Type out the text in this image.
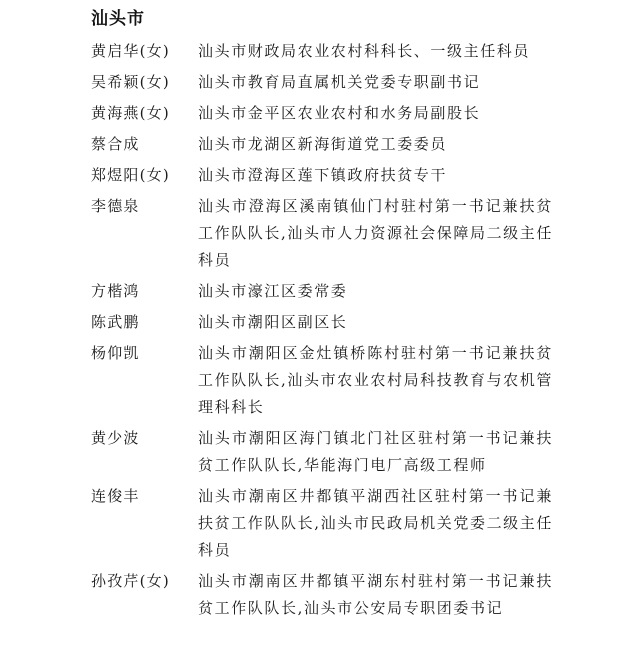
汕头市
黄启华(女)	汕头市财政局农业农村科科长、一级主任科员
吴希颖(女)	汕头市教育局直属机关党委专职副书记
黄海燕(女)	汕头市金平区农业农村和水务局副股长
蔡合成	汕头市龙湖区新海街道党工委委员
郑煜阳(女)	汕头市澄海区莲下镇政府扶贫专干
李德泉	汕头市澄海区溪南镇仙门村驻村第一书记兼扶贫工作队队长,汕头市人力资源社会保障局二级主任科员
方楷鸿	汕头市濠江区委常委
陈武鹏	汕头市潮阳区副区长
杨仰凯	汕头市潮阳区金灶镇桥陈村驻村第一书记兼扶贫工作队队长,汕头市农业农村局科技教育与农机管理科科长
黄少波	汕头市潮阳区海门镇北门社区驻村第一书记兼扶贫工作队队长,华能海门电厂高级工程师
连俊丰	汕头市潮南区井都镇平湖西社区驻村第一书记兼扶贫工作队队长,汕头市民政局机关党委二级主任科员
孙孜芹(女)	汕头市潮南区井都镇平湖东村驻村第一书记兼扶贫工作队队长,汕头市公安局专职团委书记
